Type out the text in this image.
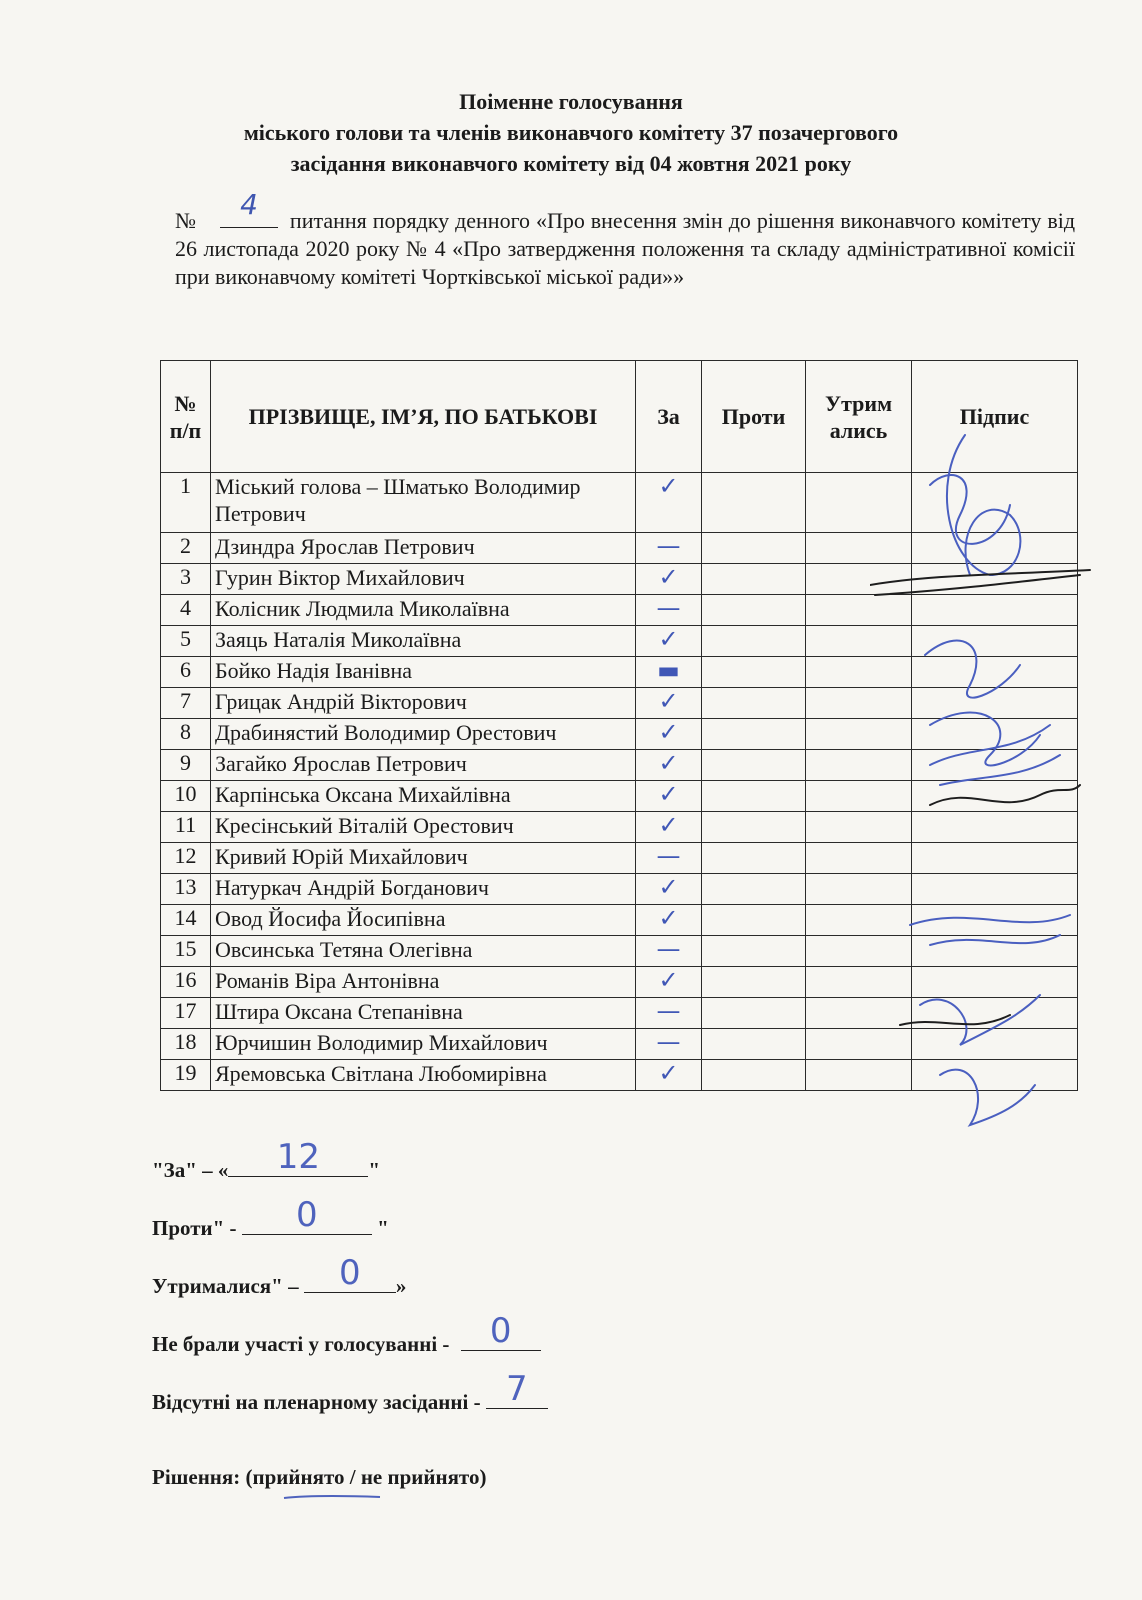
Поіменне голосування
міського голови та членів виконавчого комітету 37 позачергового
засідання виконавчого комітету від 04 жовтня 2021 року
№	4	питання порядку денного «Про внесення змін до рішення виконавчого комітету від 26 листопада 2020 року № 4 «Про затвердження положення та складу адміністративної комісії при виконавчому комітеті Чортківської міської ради»»
№ п/п	ПРІЗВИЩЕ, ІМ’Я, ПО БАТЬКОВІ	За	Проти	Утрим ались	Підпис
1	Міський голова – Шматько Володимир Петрович	✓			

2	Дзиндра Ярослав Петрович	—			

3	Гурин Віктор Михайлович	✓			

4	Колісник Людмила Миколаївна	—			

5	Заяць Наталія Миколаївна	✓			

6	Бойко Надія Іванівна	▬			

7	Грицак Андрій Вікторович	✓			

8	Драбинястий Володимир Орестович	✓			

9	Загайко Ярослав Петрович	✓			

10	Карпінська Оксана Михайлівна	✓			

11	Кресінський Віталій Орестович	✓			

12	Кривий Юрій Михайлович	—			

13	Натуркач Андрій Богданович	✓			

14	Овод Йосифа Йосипівна	✓			

15	Овсинська Тетяна Олегівна	—			

16	Романів Віра Антонівна	✓			

17	Штира Оксана Степанівна	—			

18	Юрчишин Володимир Михайлович	—			

19	Яремовська Світлана Любомирівна	✓			

"За" – «	12	"
Проти" -	0	"
Утрималися" –	0	»
Не брали участі у голосуванні -	0
Відсутні на пленарному засіданні - 7
Рішення: (прийнято / не прийнято)
